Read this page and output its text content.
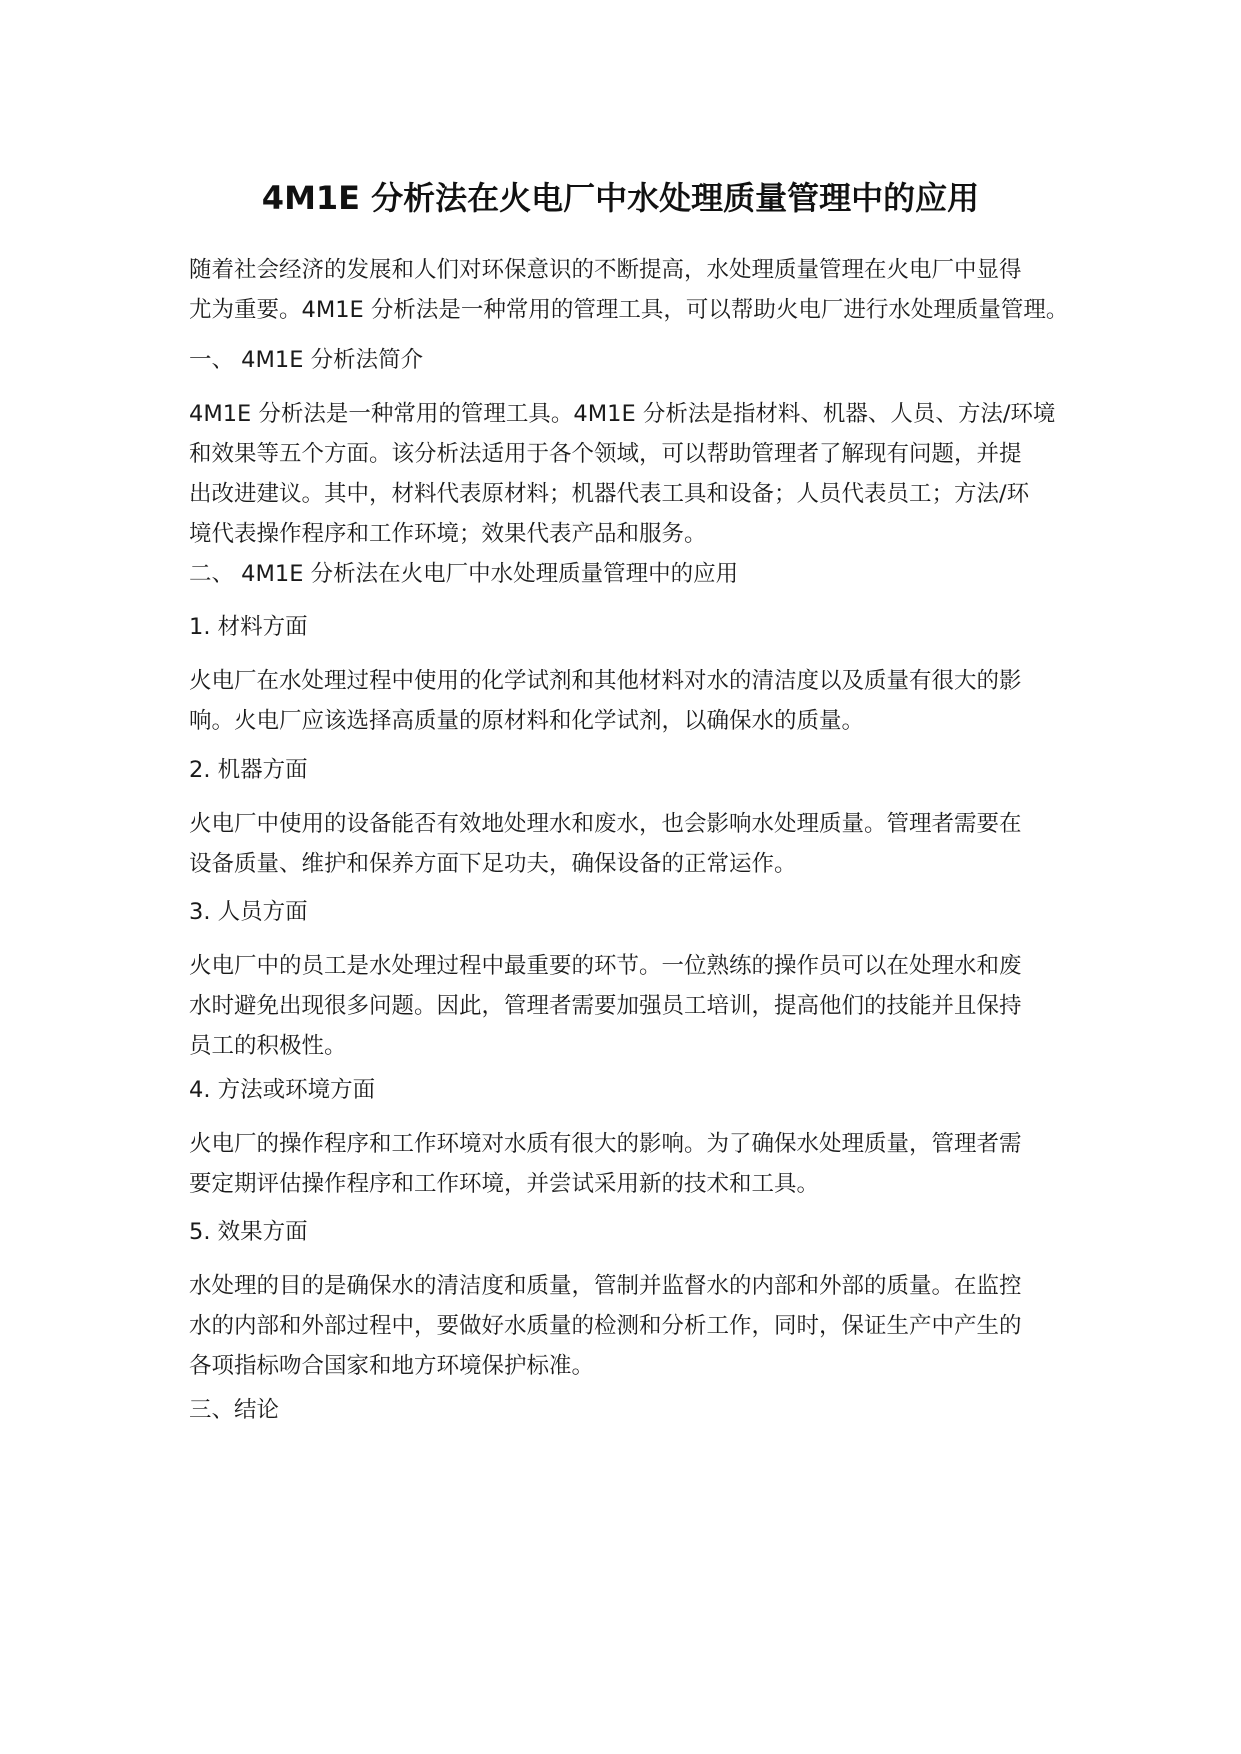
4M1E 分析法在火电厂中水处理质量管理中的应用

随着社会经济的发展和人们对环保意识的不断提高，水处理质量管理在火电厂中显得
尤为重要。4M1E 分析法是一种常用的管理工具，可以帮助火电厂进行水处理质量管理。

一、 4M1E 分析法简介

4M1E 分析法是一种常用的管理工具。4M1E 分析法是指材料、机器、人员、方法/环境
和效果等五个方面。该分析法适用于各个领域，可以帮助管理者了解现有问题，并提
出改进建议。其中，材料代表原材料；机器代表工具和设备；人员代表员工；方法/环
境代表操作程序和工作环境；效果代表产品和服务。

二、 4M1E 分析法在火电厂中水处理质量管理中的应用

1. 材料方面

火电厂在水处理过程中使用的化学试剂和其他材料对水的清洁度以及质量有很大的影
响。火电厂应该选择高质量的原材料和化学试剂，以确保水的质量。

2. 机器方面

火电厂中使用的设备能否有效地处理水和废水，也会影响水处理质量。管理者需要在
设备质量、维护和保养方面下足功夫，确保设备的正常运作。

3. 人员方面

火电厂中的员工是水处理过程中最重要的环节。一位熟练的操作员可以在处理水和废
水时避免出现很多问题。因此，管理者需要加强员工培训，提高他们的技能并且保持
员工的积极性。

4. 方法或环境方面

火电厂的操作程序和工作环境对水质有很大的影响。为了确保水处理质量，管理者需
要定期评估操作程序和工作环境，并尝试采用新的技术和工具。

5. 效果方面

水处理的目的是确保水的清洁度和质量，管制并监督水的内部和外部的质量。在监控
水的内部和外部过程中，要做好水质量的检测和分析工作，同时，保证生产中产生的
各项指标吻合国家和地方环境保护标准。

三、结论
